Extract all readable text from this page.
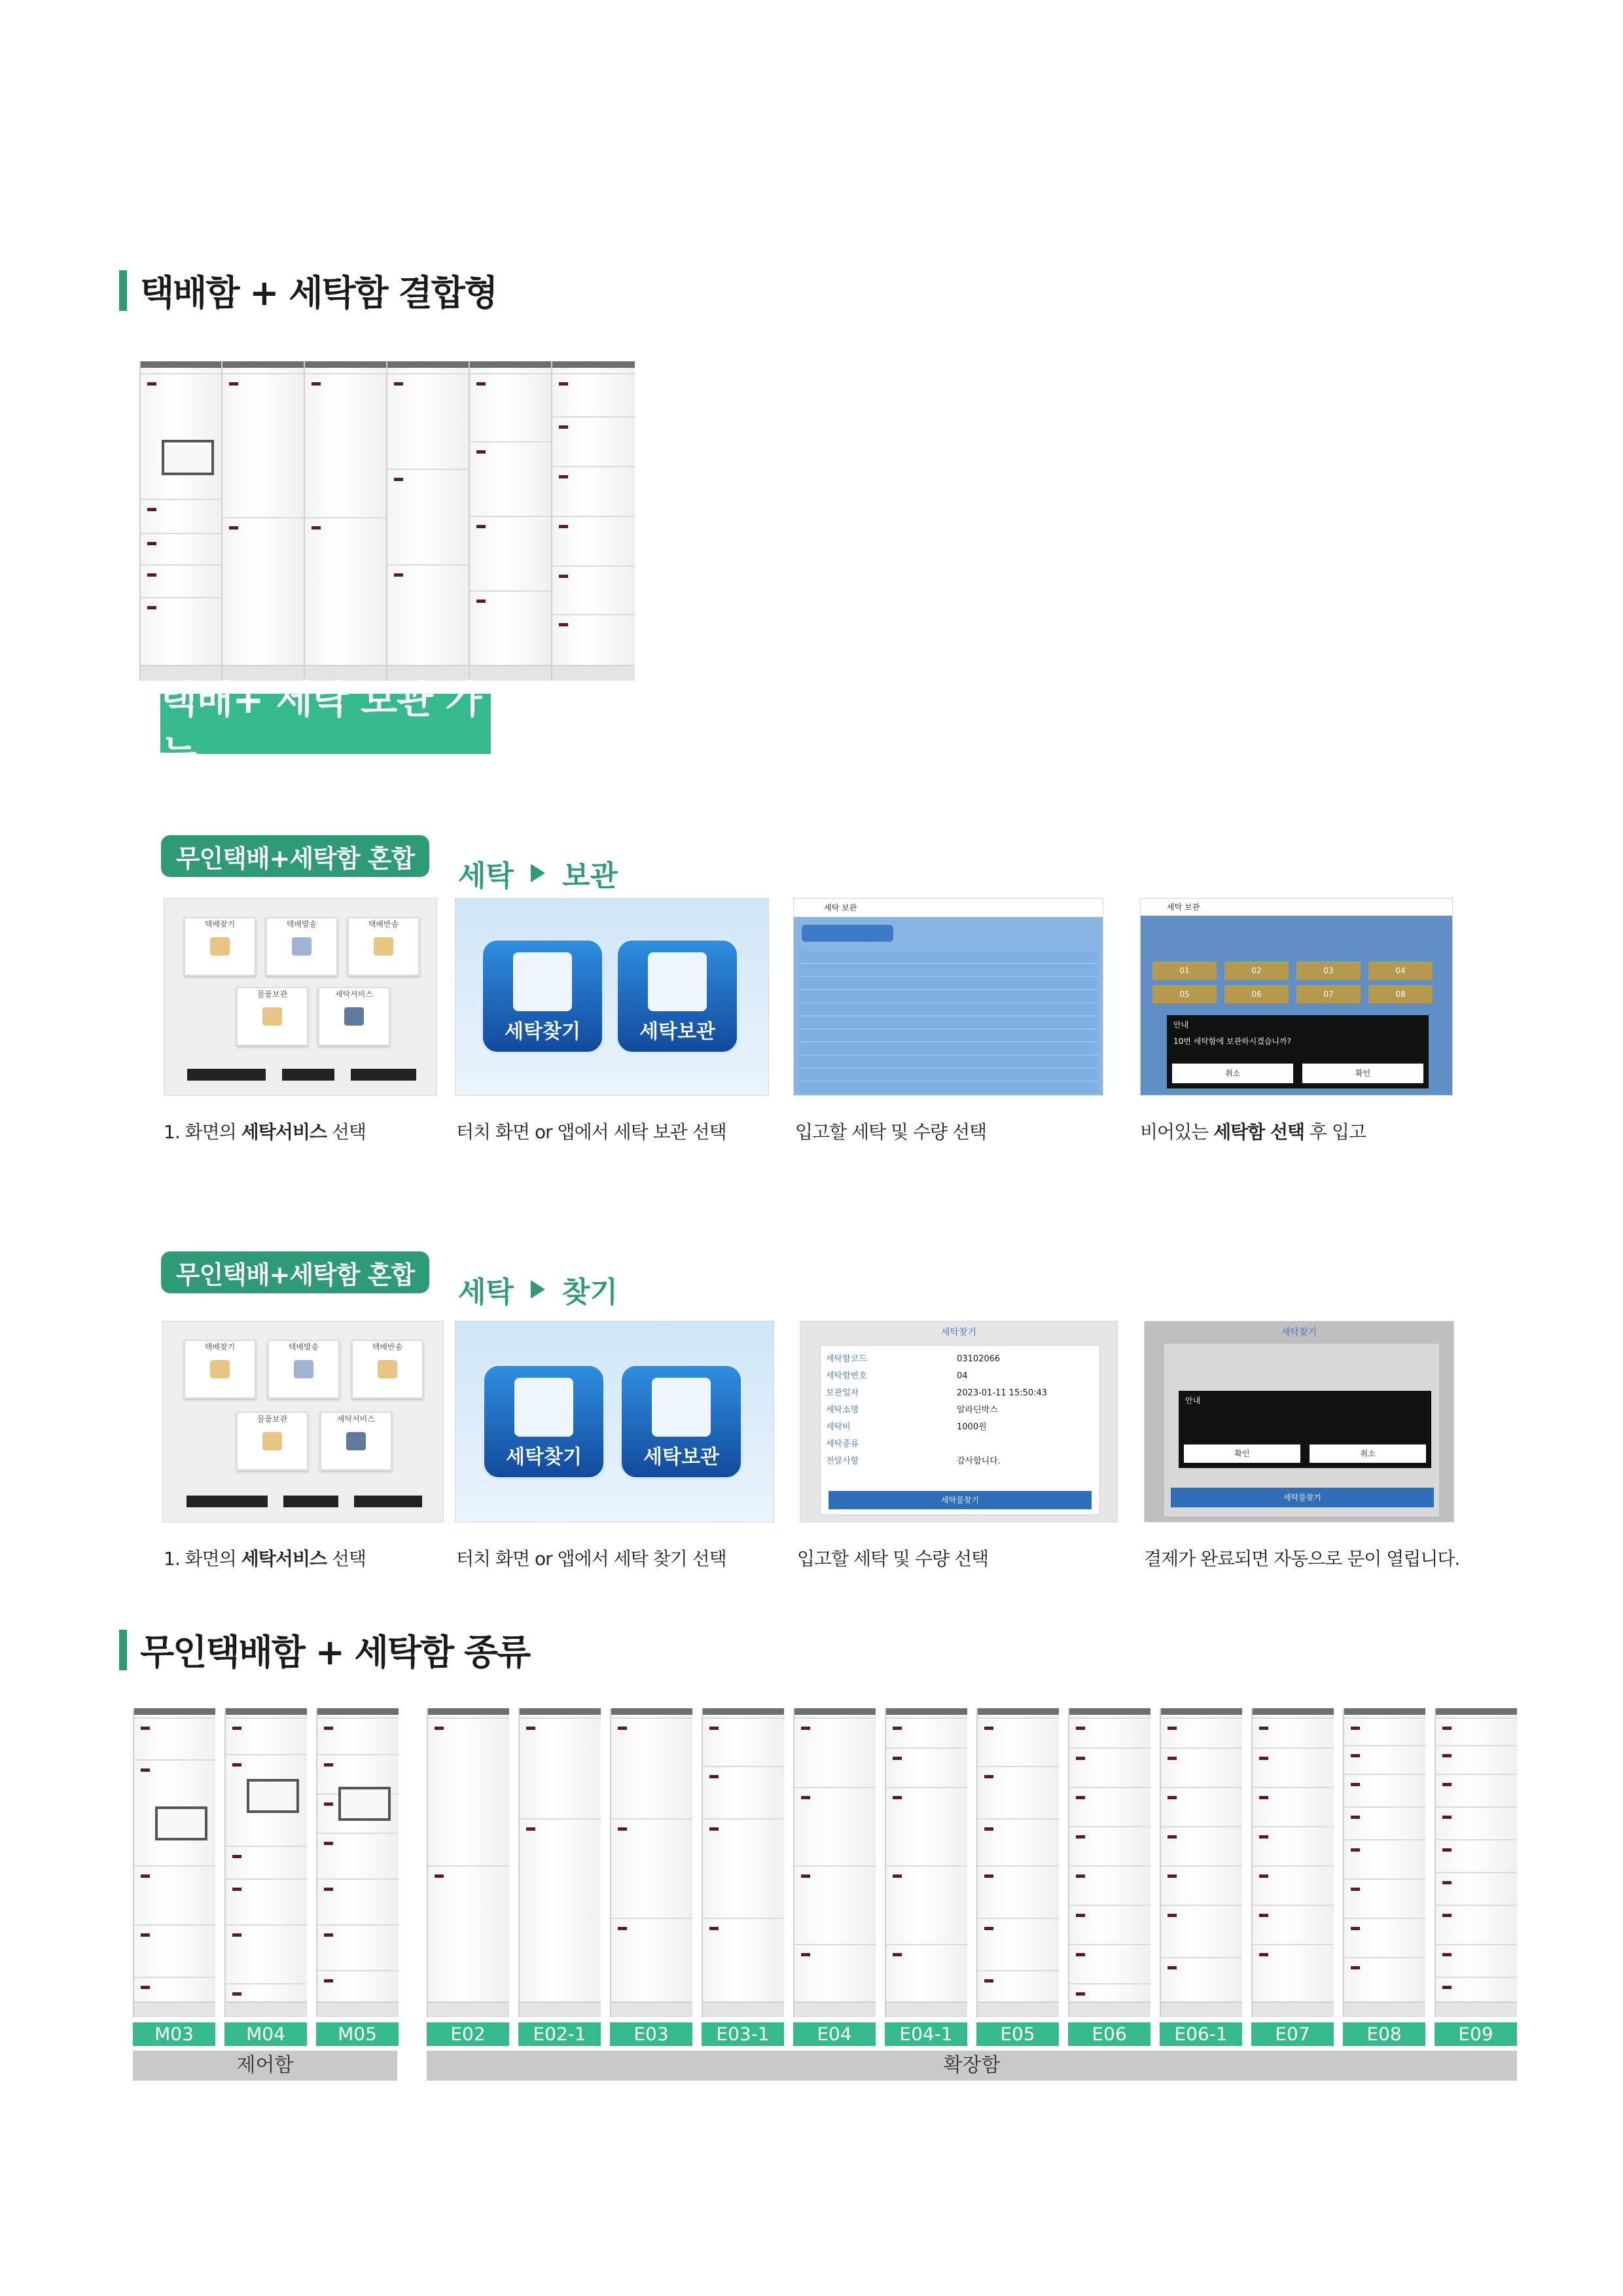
택배함 + 세탁함 결합형
택배+ 세탁 보관 가능
무인택배+세탁함 혼합
세탁 보관
택배찾기	택배발송	택배반송
물품보관	세탁서비스
세탁찾기	세탁보관
세탁 보관	세탁 보관
01	02	03	04
05	06	07	08
안내
10번 세탁함에 보관하시겠습니까?
취소	확인
1. 화면의 세탁서비스 선택	터치 화면 or 앱에서 세탁 보관 선택	입고할 세탁 및 수량 선택	비어있는 세탁함 선택 후 입고
무인택배+세탁함 혼합
세탁 찾기
택배찾기	택배발송	택배반송
물품보관	세탁서비스
세탁찾기	세탁보관
세탁찾기
세탁함코드	03102066
세탁함번호	04
보관일자	2023-01-11 15:50:43
세탁소명	알라딘박스
세탁비	1000원
세탁종류
전달사항	감사합니다.
세탁물찾기
세탁찾기
안내
확인	취소
세탁물찾기
1. 화면의 세탁서비스 선택	터치 화면 or 앱에서 세탁 찾기 선택	입고할 세탁 및 수량 선택	결제가 완료되면 자동으로 문이 열립니다.
무인택배함 + 세탁함 종류
M03	M04	M05	E02	E02-1	E03	E03-1	E04	E04-1	E05	E06	E06-1	E07	E08	E09
제어함	확장함
